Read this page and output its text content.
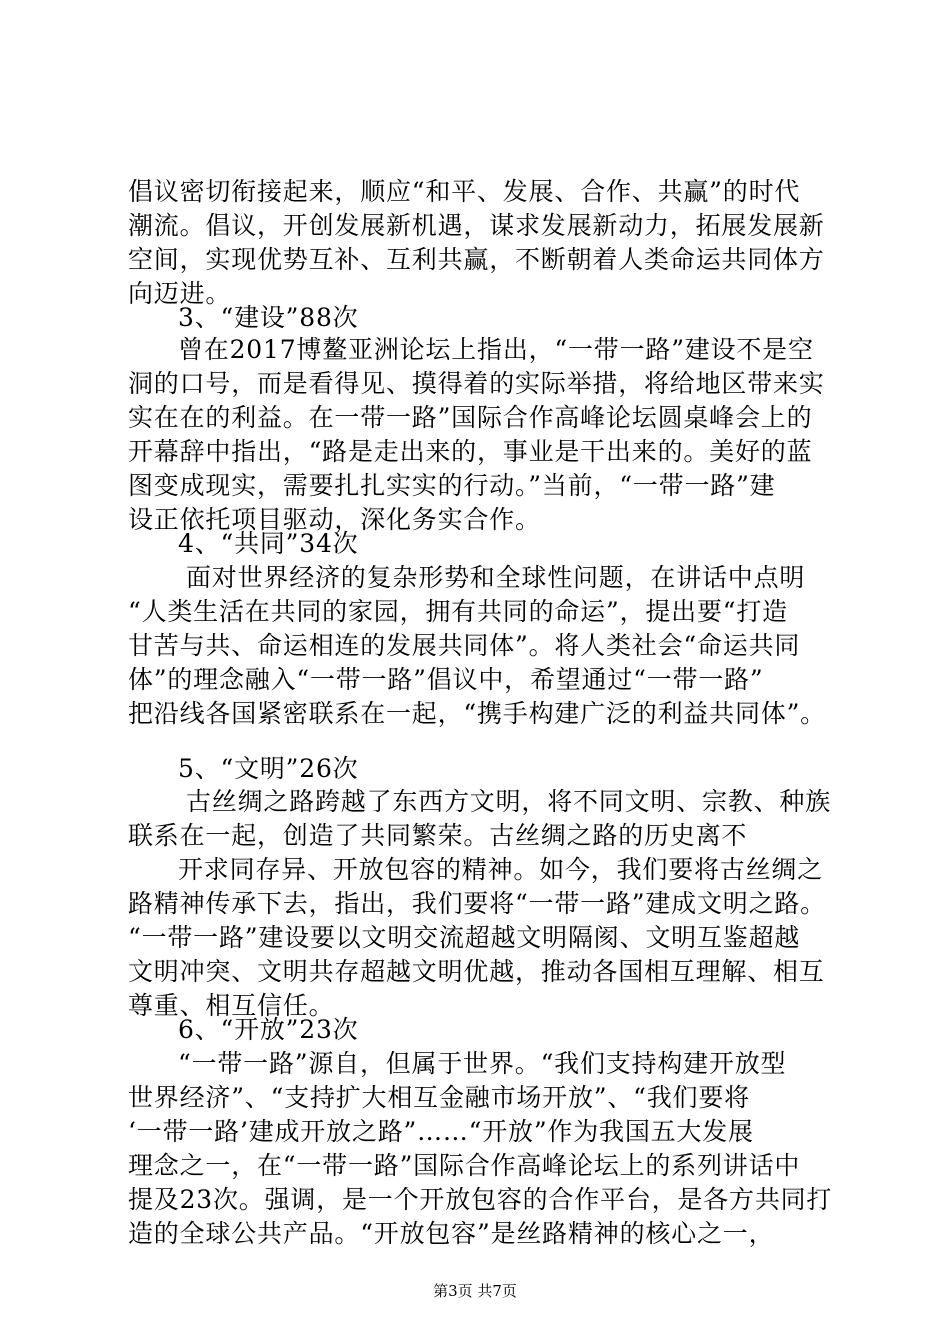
倡议密切衔接起来，顺应“和平、发展、合作、共赢”的时代
潮流。倡议，开创发展新机遇，谋求发展新动力，拓展发展新
空间，实现优势互补、互利共赢，不断朝着人类命运共同体方
向迈进。
3、“建设”88次
曾在2017博鳌亚洲论坛上指出，“一带一路”建设不是空
洞的口号，而是看得见、摸得着的实际举措，将给地区带来实
实在在的利益。在一带一路”国际合作高峰论坛圆桌峰会上的
开幕辞中指出，“路是走出来的，事业是干出来的。美好的蓝
图变成现实，需要扎扎实实的行动。”当前，“一带一路”建
设正依托项目驱动，深化务实合作。
4、“共同”34次
面对世界经济的复杂形势和全球性问题，在讲话中点明
“人类生活在共同的家园，拥有共同的命运”，提出要“打造
甘苦与共、命运相连的发展共同体”。将人类社会“命运共同
体”的理念融入“一带一路”倡议中，希望通过“一带一路”
把沿线各国紧密联系在一起，“携手构建广泛的利益共同体”。
5、“文明”26次
古丝绸之路跨越了东西方文明，将不同文明、宗教、种族
联系在一起，创造了共同繁荣。古丝绸之路的历史离不
开求同存异、开放包容的精神。如今，我们要将古丝绸之
路精神传承下去，指出，我们要将“一带一路”建成文明之路。
“一带一路”建设要以文明交流超越文明隔阂、文明互鉴超越
文明冲突、文明共存超越文明优越，推动各国相互理解、相互
尊重、相互信任。
6、“开放”23次
“一带一路”源自，但属于世界。“我们支持构建开放型
世界经济”、“支持扩大相互金融市场开放”、“我们要将
‘一带一路’建成开放之路”……“开放”作为我国五大发展
理念之一，在“一带一路”国际合作高峰论坛上的系列讲话中
提及23次。强调，是一个开放包容的合作平台，是各方共同打
造的全球公共产品。“开放包容”是丝路精神的核心之一，
第3页 共7页
